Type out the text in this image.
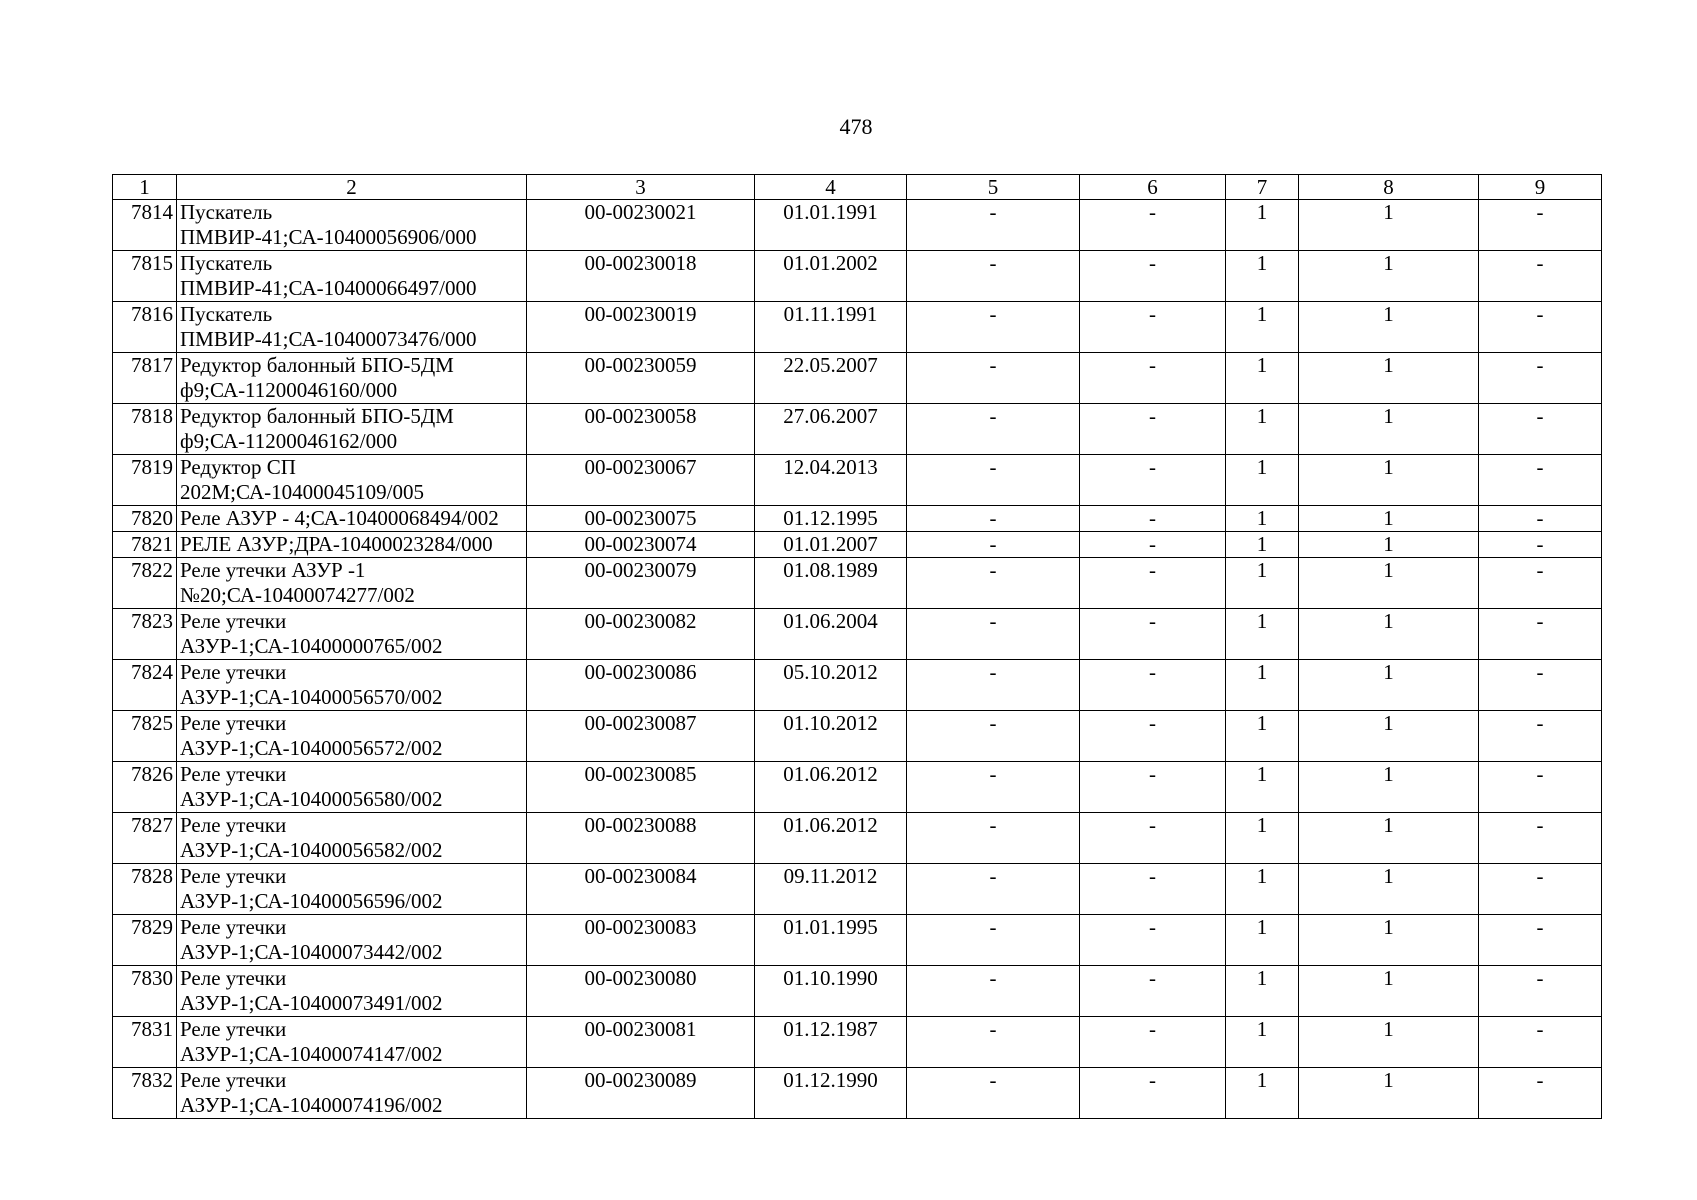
478
1	2	3	4	5	6	7	8	9
7814	Пускатель ПМВИР-41;СА-10400056906/000	00-00230021	01.01.1991	-	-	1	1	-
7815	Пускатель ПМВИР-41;СА-10400066497/000	00-00230018	01.01.2002	-	-	1	1	-
7816	Пускатель ПМВИР-41;СА-10400073476/000	00-00230019	01.11.1991	-	-	1	1	-
7817	Редуктор балонный БПО-5ДМ ф9;СА-11200046160/000	00-00230059	22.05.2007	-	-	1	1	-
7818	Редуктор балонный БПО-5ДМ ф9;СА-11200046162/000	00-00230058	27.06.2007	-	-	1	1	-
7819	Редуктор СП 202М;СА-10400045109/005	00-00230067	12.04.2013	-	-	1	1	-
7820	Реле АЗУР - 4;СА-10400068494/002	00-00230075	01.12.1995	-	-	1	1	-
7821	РЕЛЕ АЗУР;ДРА-10400023284/000	00-00230074	01.01.2007	-	-	1	1	-
7822	Реле утечки АЗУР -1 №20;СА-10400074277/002	00-00230079	01.08.1989	-	-	1	1	-
7823	Реле утечки АЗУР-1;СА-10400000765/002	00-00230082	01.06.2004	-	-	1	1	-
7824	Реле утечки АЗУР-1;СА-10400056570/002	00-00230086	05.10.2012	-	-	1	1	-
7825	Реле утечки АЗУР-1;СА-10400056572/002	00-00230087	01.10.2012	-	-	1	1	-
7826	Реле утечки АЗУР-1;СА-10400056580/002	00-00230085	01.06.2012	-	-	1	1	-
7827	Реле утечки АЗУР-1;СА-10400056582/002	00-00230088	01.06.2012	-	-	1	1	-
7828	Реле утечки АЗУР-1;СА-10400056596/002	00-00230084	09.11.2012	-	-	1	1	-
7829	Реле утечки АЗУР-1;СА-10400073442/002	00-00230083	01.01.1995	-	-	1	1	-
7830	Реле утечки АЗУР-1;СА-10400073491/002	00-00230080	01.10.1990	-	-	1	1	-
7831	Реле утечки АЗУР-1;СА-10400074147/002	00-00230081	01.12.1987	-	-	1	1	-
7832	Реле утечки АЗУР-1;СА-10400074196/002	00-00230089	01.12.1990	-	-	1	1	-
